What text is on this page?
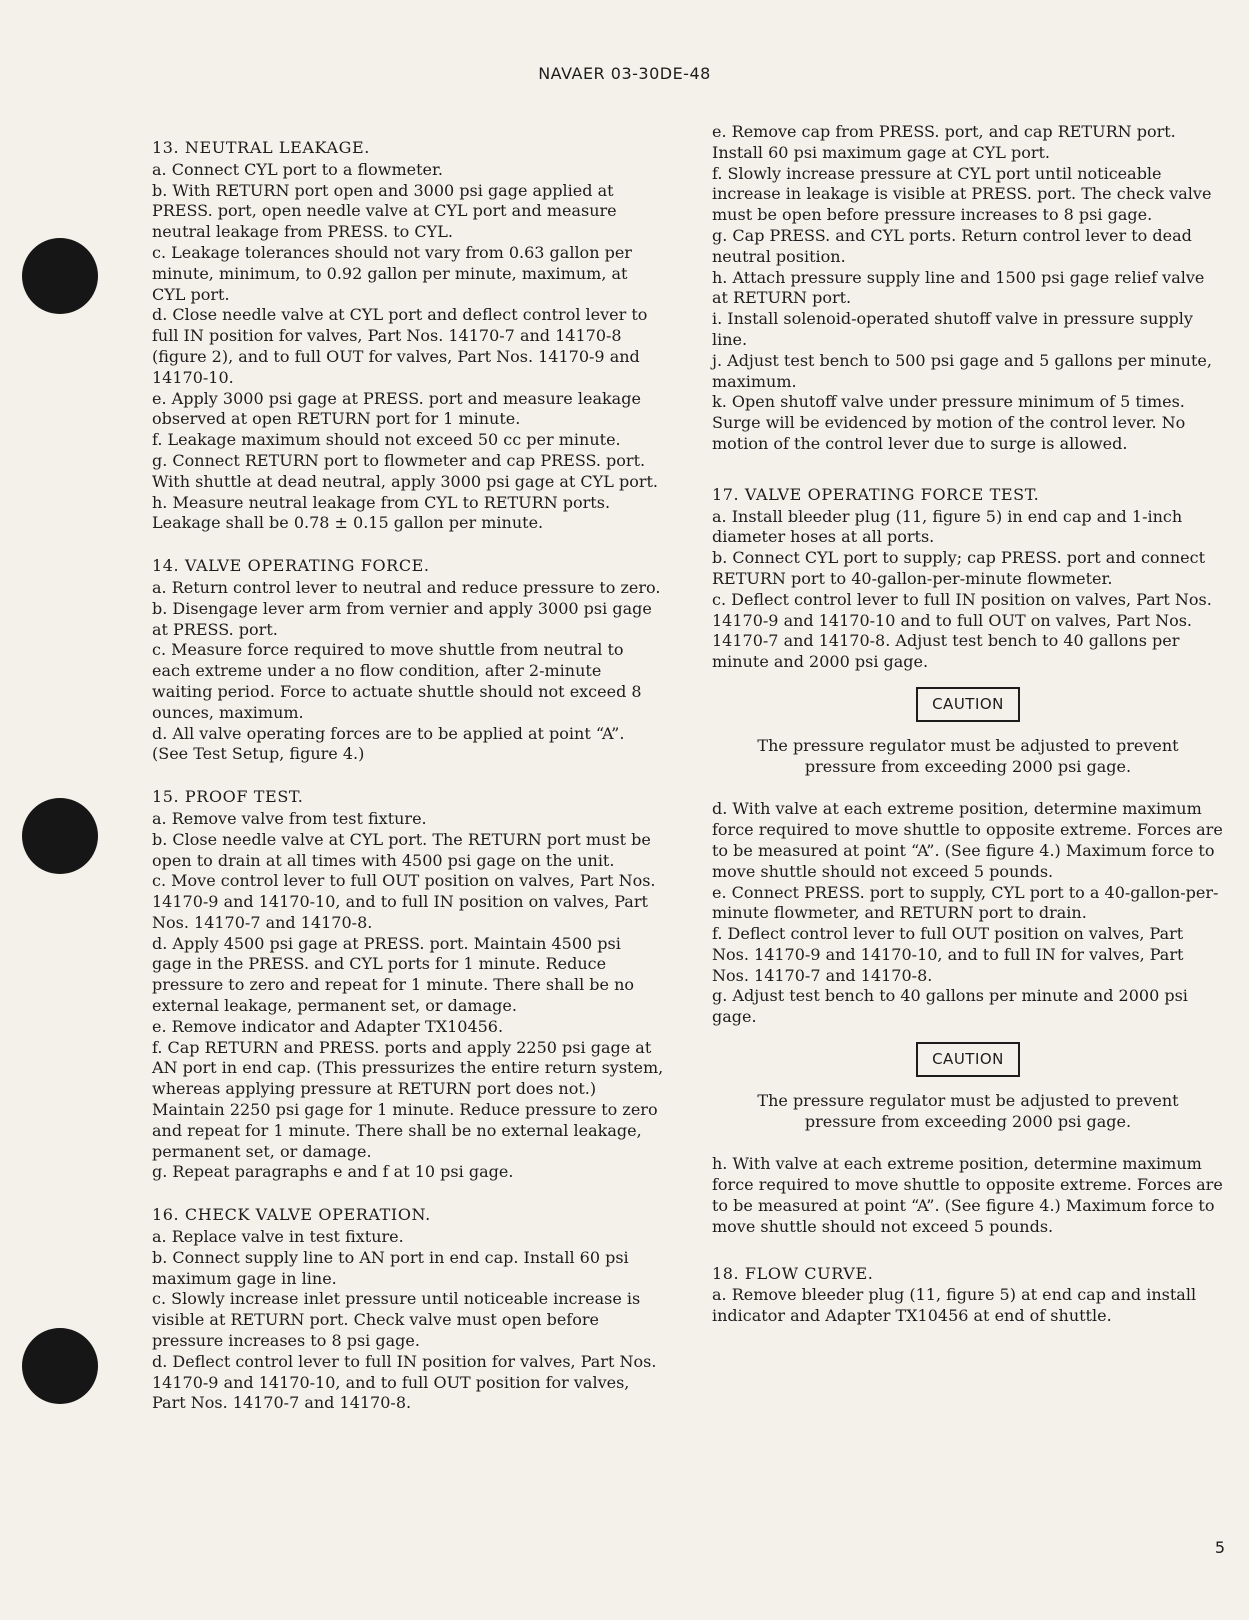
NAVAER 03-30DE-48
13. NEUTRAL LEAKAGE.
a. Connect CYL port to a flowmeter.
b. With RETURN port open and 3000 psi gage applied at PRESS. port, open needle valve at CYL port and measure neutral leakage from PRESS. to CYL.
c. Leakage tolerances should not vary from 0.63 gallon per minute, minimum, to 0.92 gallon per minute, maximum, at CYL port.
d. Close needle valve at CYL port and deflect control lever to full IN position for valves, Part Nos. 14170-7 and 14170-8 (figure 2), and to full OUT for valves, Part Nos. 14170-9 and 14170-10.
e. Apply 3000 psi gage at PRESS. port and measure leakage observed at open RETURN port for 1 minute.
f. Leakage maximum should not exceed 50 cc per minute.
g. Connect RETURN port to flowmeter and cap PRESS. port. With shuttle at dead neutral, apply 3000 psi gage at CYL port.
h. Measure neutral leakage from CYL to RETURN ports. Leakage shall be 0.78 ± 0.15 gallon per minute.
14. VALVE OPERATING FORCE.
a. Return control lever to neutral and reduce pressure to zero.
b. Disengage lever arm from vernier and apply 3000 psi gage at PRESS. port.
c. Measure force required to move shuttle from neutral to each extreme under a no flow condition, after 2-minute waiting period. Force to actuate shuttle should not exceed 8 ounces, maximum.
d. All valve operating forces are to be applied at point “A”. (See Test Setup, figure 4.)
15. PROOF TEST.
a. Remove valve from test fixture.
b. Close needle valve at CYL port. The RETURN port must be open to drain at all times with 4500 psi gage on the unit.
c. Move control lever to full OUT position on valves, Part Nos. 14170-9 and 14170-10, and to full IN position on valves, Part Nos. 14170-7 and 14170-8.
d. Apply 4500 psi gage at PRESS. port. Maintain 4500 psi gage in the PRESS. and CYL ports for 1 minute. Reduce pressure to zero and repeat for 1 minute. There shall be no external leakage, permanent set, or damage.
e. Remove indicator and Adapter TX10456.
f. Cap RETURN and PRESS. ports and apply 2250 psi gage at AN port in end cap. (This pressurizes the entire return system, whereas applying pressure at RETURN port does not.) Maintain 2250 psi gage for 1 minute. Reduce pressure to zero and repeat for 1 minute. There shall be no external leakage, permanent set, or damage.
g. Repeat paragraphs e and f at 10 psi gage.
16. CHECK VALVE OPERATION.
a. Replace valve in test fixture.
b. Connect supply line to AN port in end cap. Install 60 psi maximum gage in line.
c. Slowly increase inlet pressure until noticeable increase is visible at RETURN port. Check valve must open before pressure increases to 8 psi gage.
d. Deflect control lever to full IN position for valves, Part Nos. 14170-9 and 14170-10, and to full OUT position for valves, Part Nos. 14170-7 and 14170-8.
e. Remove cap from PRESS. port, and cap RETURN port. Install 60 psi maximum gage at CYL port.
f. Slowly increase pressure at CYL port until noticeable increase in leakage is visible at PRESS. port. The check valve must be open before pressure increases to 8 psi gage.
g. Cap PRESS. and CYL ports. Return control lever to dead neutral position.
h. Attach pressure supply line and 1500 psi gage relief valve at RETURN port.
i. Install solenoid-operated shutoff valve in pressure supply line.
j. Adjust test bench to 500 psi gage and 5 gallons per minute, maximum.
k. Open shutoff valve under pressure minimum of 5 times. Surge will be evidenced by motion of the control lever. No motion of the control lever due to surge is allowed.
17. VALVE OPERATING FORCE TEST.
a. Install bleeder plug (11, figure 5) in end cap and 1-inch diameter hoses at all ports.
b. Connect CYL port to supply; cap PRESS. port and connect RETURN port to 40-gallon-per-minute flowmeter.
c. Deflect control lever to full IN position on valves, Part Nos. 14170-9 and 14170-10 and to full OUT on valves, Part Nos. 14170-7 and 14170-8. Adjust test bench to 40 gallons per minute and 2000 psi gage.
CAUTION
The pressure regulator must be adjusted to prevent pressure from exceeding 2000 psi gage.
d. With valve at each extreme position, determine maximum force required to move shuttle to opposite extreme. Forces are to be measured at point “A”. (See figure 4.) Maximum force to move shuttle should not exceed 5 pounds.
e. Connect PRESS. port to supply, CYL port to a 40-gallon-per-minute flowmeter, and RETURN port to drain.
f. Deflect control lever to full OUT position on valves, Part Nos. 14170-9 and 14170-10, and to full IN for valves, Part Nos. 14170-7 and 14170-8.
g. Adjust test bench to 40 gallons per minute and 2000 psi gage.
CAUTION
The pressure regulator must be adjusted to prevent pressure from exceeding 2000 psi gage.
h. With valve at each extreme position, determine maximum force required to move shuttle to opposite extreme. Forces are to be measured at point “A”. (See figure 4.) Maximum force to move shuttle should not exceed 5 pounds.
18. FLOW CURVE.
a. Remove bleeder plug (11, figure 5) at end cap and install indicator and Adapter TX10456 at end of shuttle.
5
